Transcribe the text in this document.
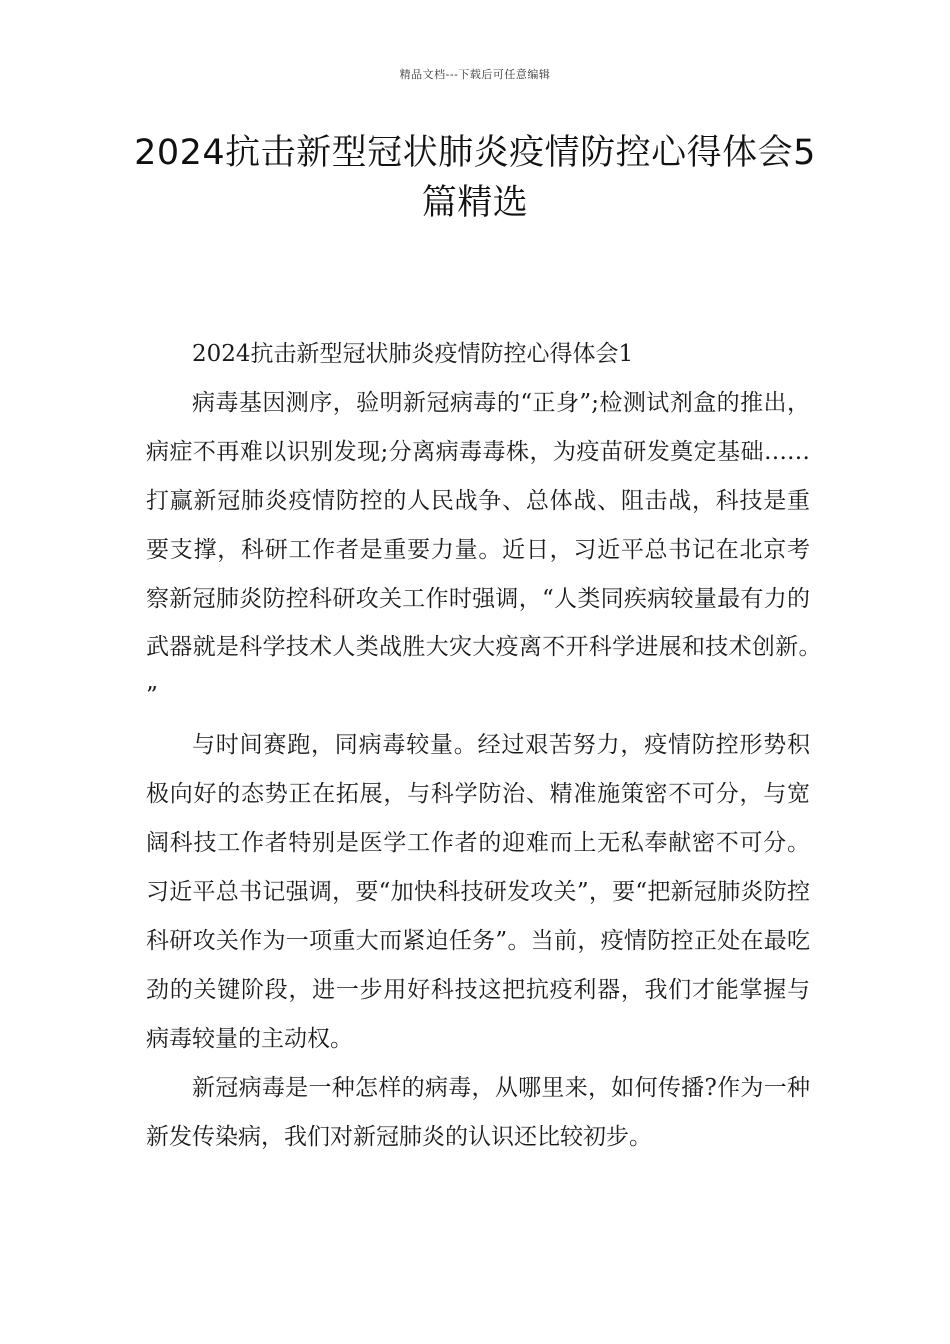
精品文档---下载后可任意编辑
2024抗击新型冠状肺炎疫情防控心得体会5篇精选

2024抗击新型冠状肺炎疫情防控心得体会1

病毒基因测序，验明新冠病毒的“正身”;检测试剂盒的推出，病症不再难以识别发现;分离病毒毒株，为疫苗研发奠定基础……打赢新冠肺炎疫情防控的人民战争、总体战、阻击战，科技是重要支撑，科研工作者是重要力量。近日，习近平总书记在北京考察新冠肺炎防控科研攻关工作时强调，“人类同疾病较量最有力的武器就是科学技术人类战胜大灾大疫离不开科学进展和技术创新。”

与时间赛跑，同病毒较量。经过艰苦努力，疫情防控形势积极向好的态势正在拓展，与科学防治、精准施策密不可分，与宽阔科技工作者特别是医学工作者的迎难而上无私奉献密不可分。习近平总书记强调，要“加快科技研发攻关”，要“把新冠肺炎防控科研攻关作为一项重大而紧迫任务”。当前，疫情防控正处在最吃劲的关键阶段，进一步用好科技这把抗疫利器，我们才能掌握与病毒较量的主动权。

新冠病毒是一种怎样的病毒，从哪里来，如何传播?作为一种新发传染病，我们对新冠肺炎的认识还比较初步。
